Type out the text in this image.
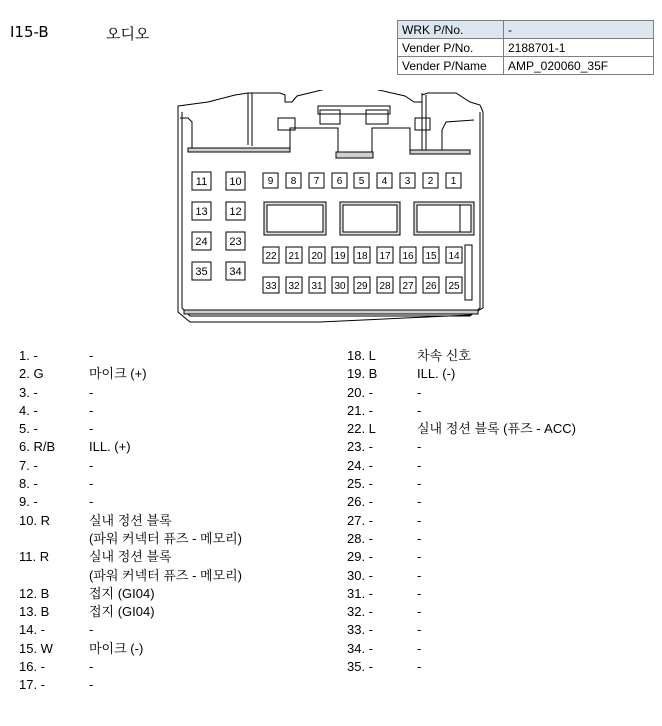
I15-B	오디오	WRK P/No.	-
Vender P/No.	2188701-1
Vender P/Name	AMP_020060_35F
11 10
13 12
24 23
35 34
9 8 7 6 5 4 3 2 1
22 21 20 19 18 17 16 15 14
33 32 31 30 29 28 27 26 25
1. -	-
2. G	마이크 (+)
3. -	-
4. -	-
5. -	-
6. R/B	ILL. (+)
7. -	-
8. -	-
9. -	-
10. R	실내 정션 블록
(파워 커넥터 퓨즈 - 메모리)
11. R	실내 정션 블록
(파워 커넥터 퓨즈 - 메모리)
12. B	접지 (GI04)
13. B	접지 (GI04)
14. -	-
15. W	마이크 (-)
16. -	-
17. -	-
18. L	차속 신호
19. B	ILL. (-)
20. -	-
21. -	-
22. L	실내 정션 블록 (퓨즈 - ACC)
23. -	-
24. -	-
25. -	-
26. -	-
27. -	-
28. -	-
29. -	-
30. -	-
31. -	-
32. -	-
33. -	-
34. -	-
35. -	-
